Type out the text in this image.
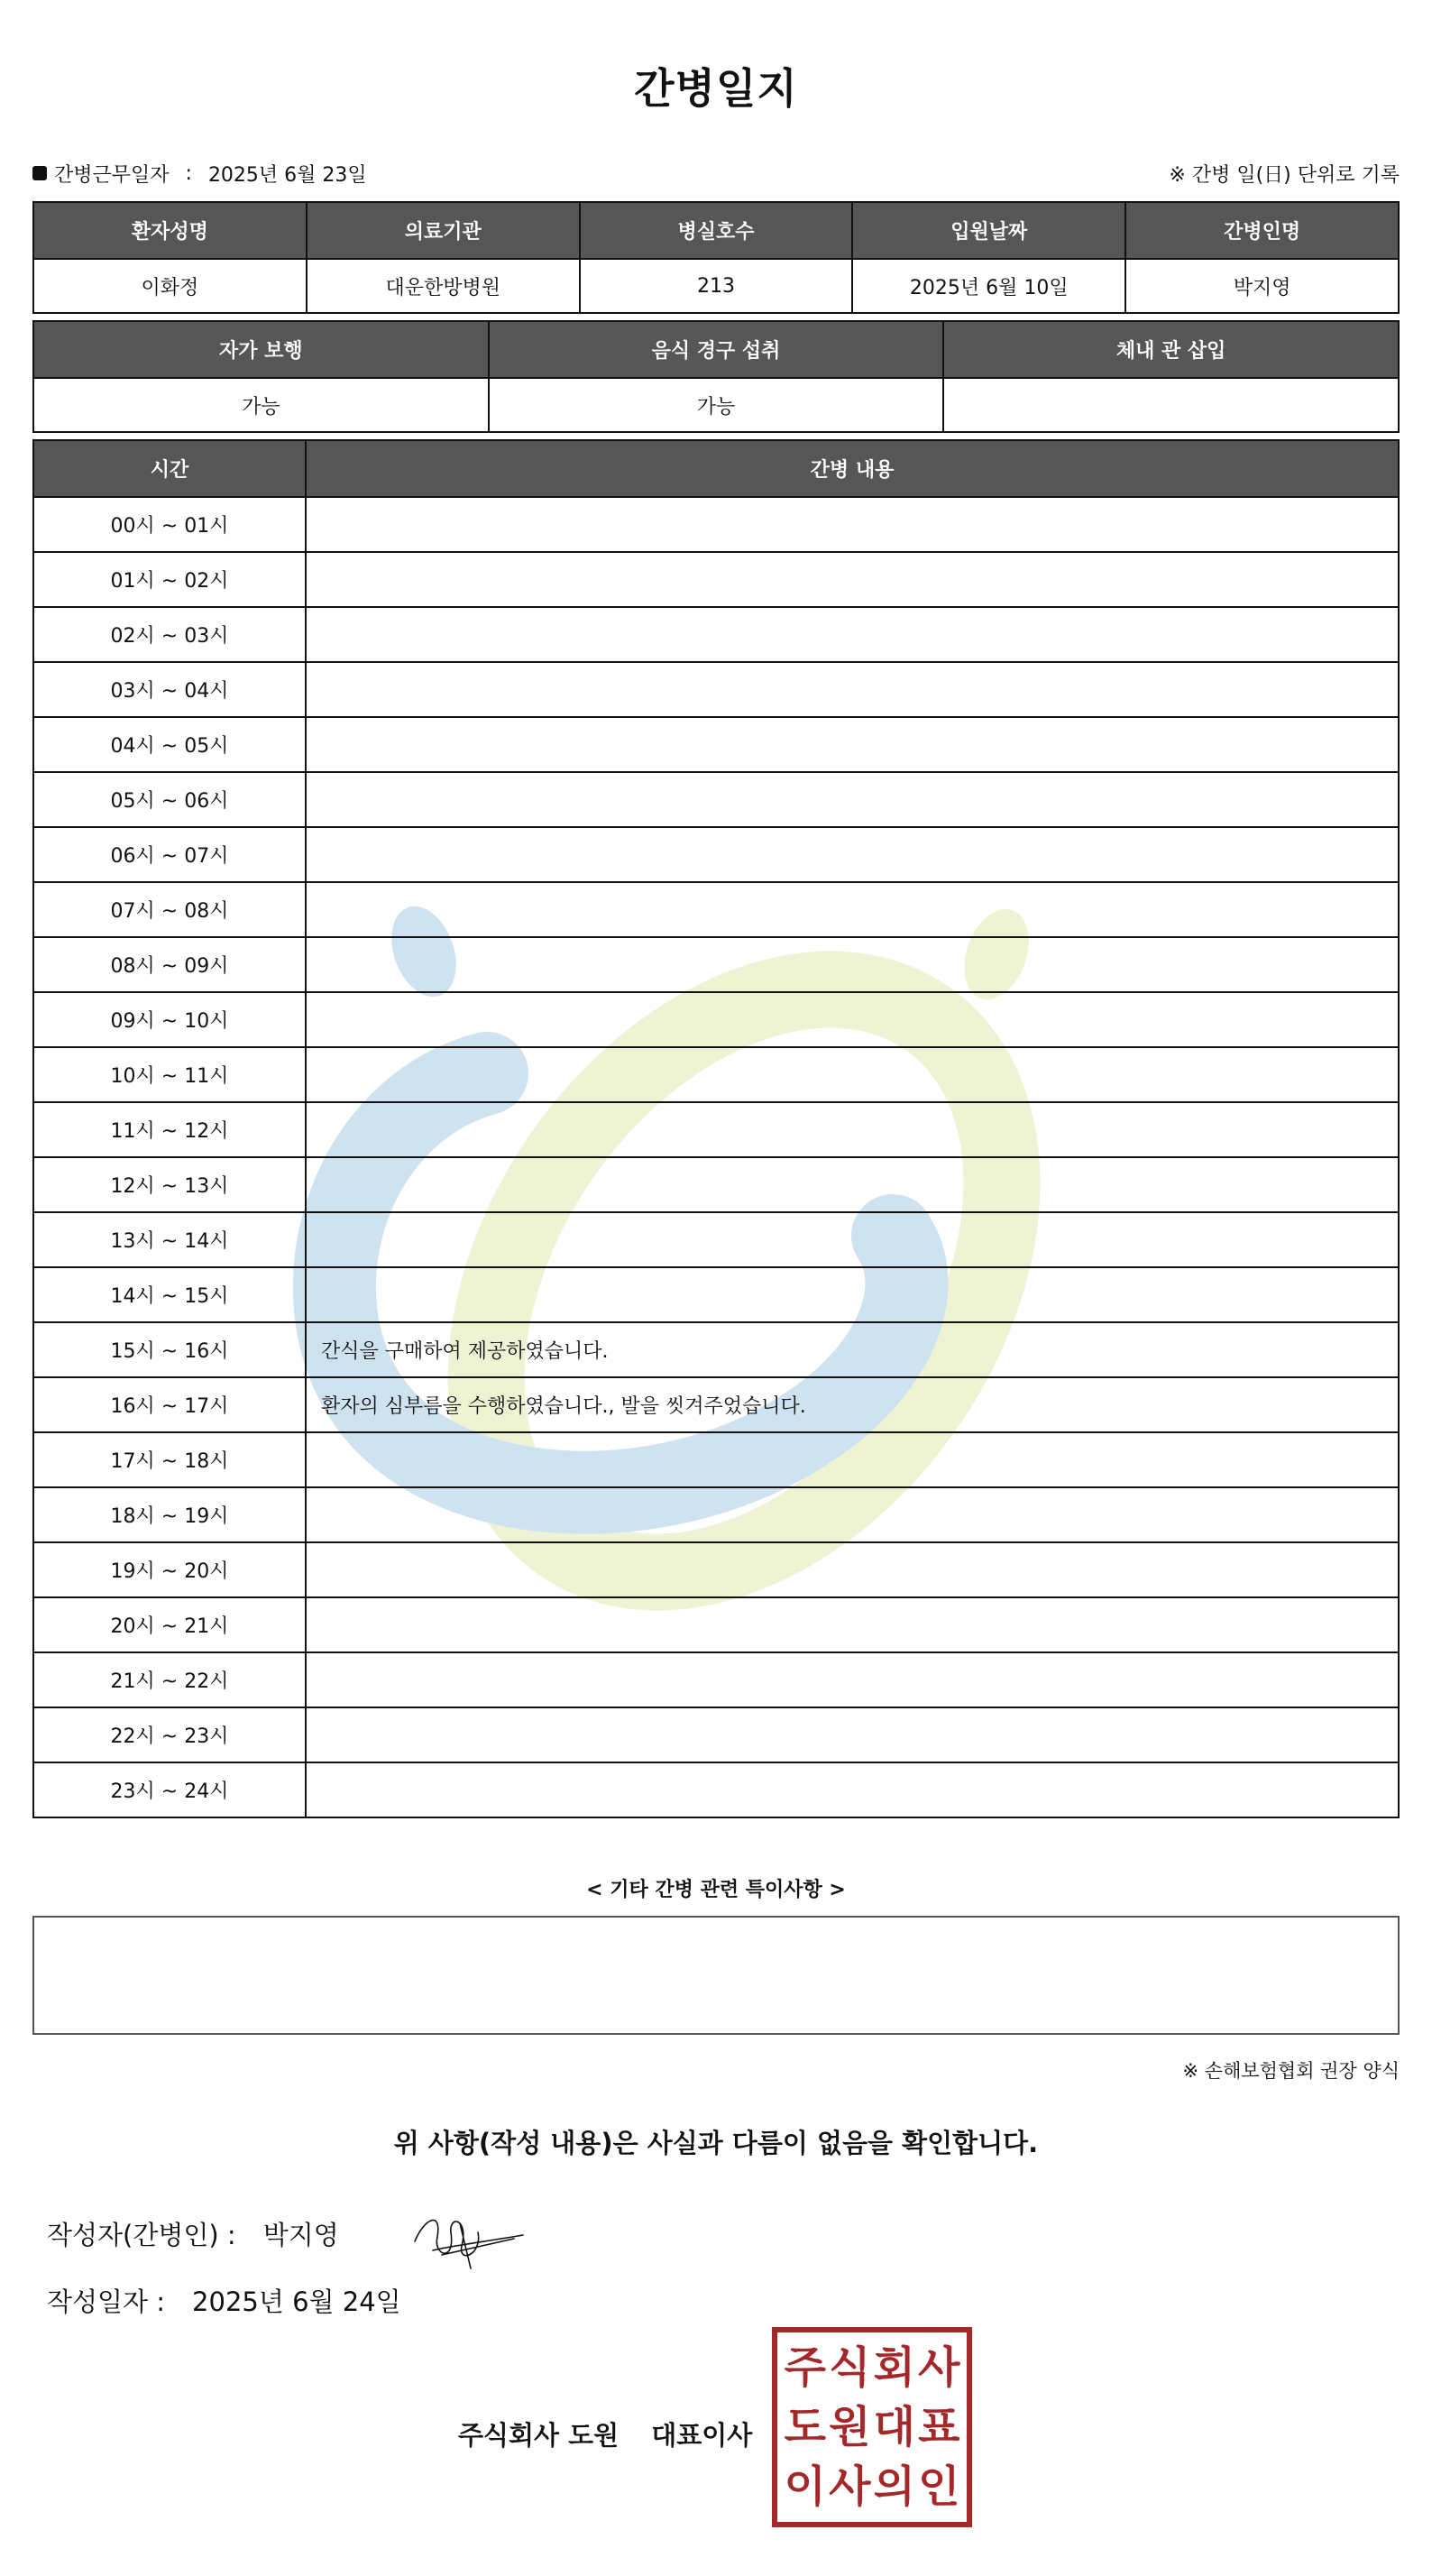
간병일지
간병근무일자 : 2025년 6월 23일	※ 간병 일(日) 단위로 기록
환자성명	의료기관	병실호수	입원날짜	간병인명
이화정	대운한방병원	213	2025년 6월 10일	박지영
자가 보행	음식 경구 섭취	체내 관 삽입
가능	가능	
시간	간병 내용
00시 ~ 01시	
01시 ~ 02시	
02시 ~ 03시	
03시 ~ 04시	
04시 ~ 05시	
05시 ~ 06시	
06시 ~ 07시	
07시 ~ 08시	
08시 ~ 09시	
09시 ~ 10시	
10시 ~ 11시	
11시 ~ 12시	
12시 ~ 13시	
13시 ~ 14시	
14시 ~ 15시	
15시 ~ 16시	간식을 구매하여 제공하였습니다.
16시 ~ 17시	환자의 심부름을 수행하였습니다., 발을 씻겨주었습니다.
17시 ~ 18시	
18시 ~ 19시	
19시 ~ 20시	
20시 ~ 21시	
21시 ~ 22시	
22시 ~ 23시	
23시 ~ 24시	
< 기타 간병 관련 특이사항 >
※ 손해보험협회 권장 양식
위 사항(작성 내용)은 사실과 다름이 없음을 확인합니다.
작성자(간병인) : 박지영
작성일자 : 2025년 6월 24일
주식회사 도원 대표이사
주 식 회 사
도 원 대 표
이 사 의 인
